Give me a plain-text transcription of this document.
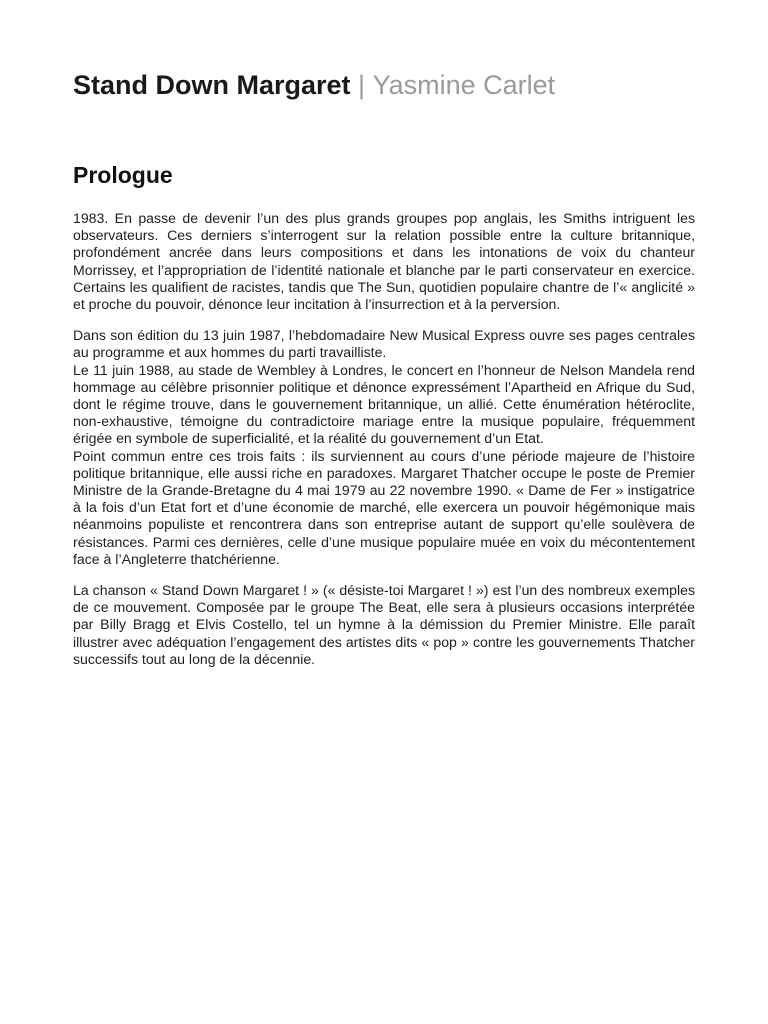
Stand Down Margaret | Yasmine Carlet
Prologue

1983. En passe de devenir l’un des plus grands groupes pop anglais, les Smiths intriguent les observateurs. Ces derniers s’interrogent sur la relation possible entre la culture britannique, profondément ancrée dans leurs compositions et dans les intonations de voix du chanteur Morrissey, et l’appropriation de l’identité nationale et blanche par le parti conservateur en exercice. Certains les qualifient de racistes, tandis que The Sun, quotidien populaire chantre de l’« anglicité » et proche du pouvoir, dénonce leur incitation à l’insurrection et à la perversion.

Dans son édition du 13 juin 1987, l’hebdomadaire New Musical Express ouvre ses pages centrales au programme et aux hommes du parti travailliste.

Le 11 juin 1988, au stade de Wembley à Londres, le concert en l’honneur de Nelson Mandela rend hommage au célèbre prisonnier politique et dénonce expressément l’Apartheid en Afrique du Sud, dont le régime trouve, dans le gouvernement britannique, un allié. Cette énumération hétéroclite, non-exhaustive, témoigne du contradictoire mariage entre la musique populaire, fréquemment érigée en symbole de superficialité, et la réalité du gouvernement d’un Etat.

Point commun entre ces trois faits : ils surviennent au cours d’une période majeure de l’histoire politique britannique, elle aussi riche en paradoxes. Margaret Thatcher occupe le poste de Premier Ministre de la Grande-Bretagne du 4 mai 1979 au 22 novembre 1990. « Dame de Fer » instigatrice à la fois d’un Etat fort et d’une économie de marché, elle exercera un pouvoir hégémonique mais néanmoins populiste et rencontrera dans son entreprise autant de support qu’elle soulèvera de résistances. Parmi ces dernières, celle d’une musique populaire muée en voix du mécontentement face à l’Angleterre thatchérienne.

La chanson « Stand Down Margaret ! » (« désiste-toi Margaret ! ») est l’un des nombreux exemples de ce mouvement. Composée par le groupe The Beat, elle sera à plusieurs occasions interprétée par Billy Bragg et Elvis Costello, tel un hymne à la démission du Premier Ministre. Elle paraît illustrer avec adéquation l’engagement des artistes dits « pop » contre les gouvernements Thatcher successifs tout au long de la décennie.
